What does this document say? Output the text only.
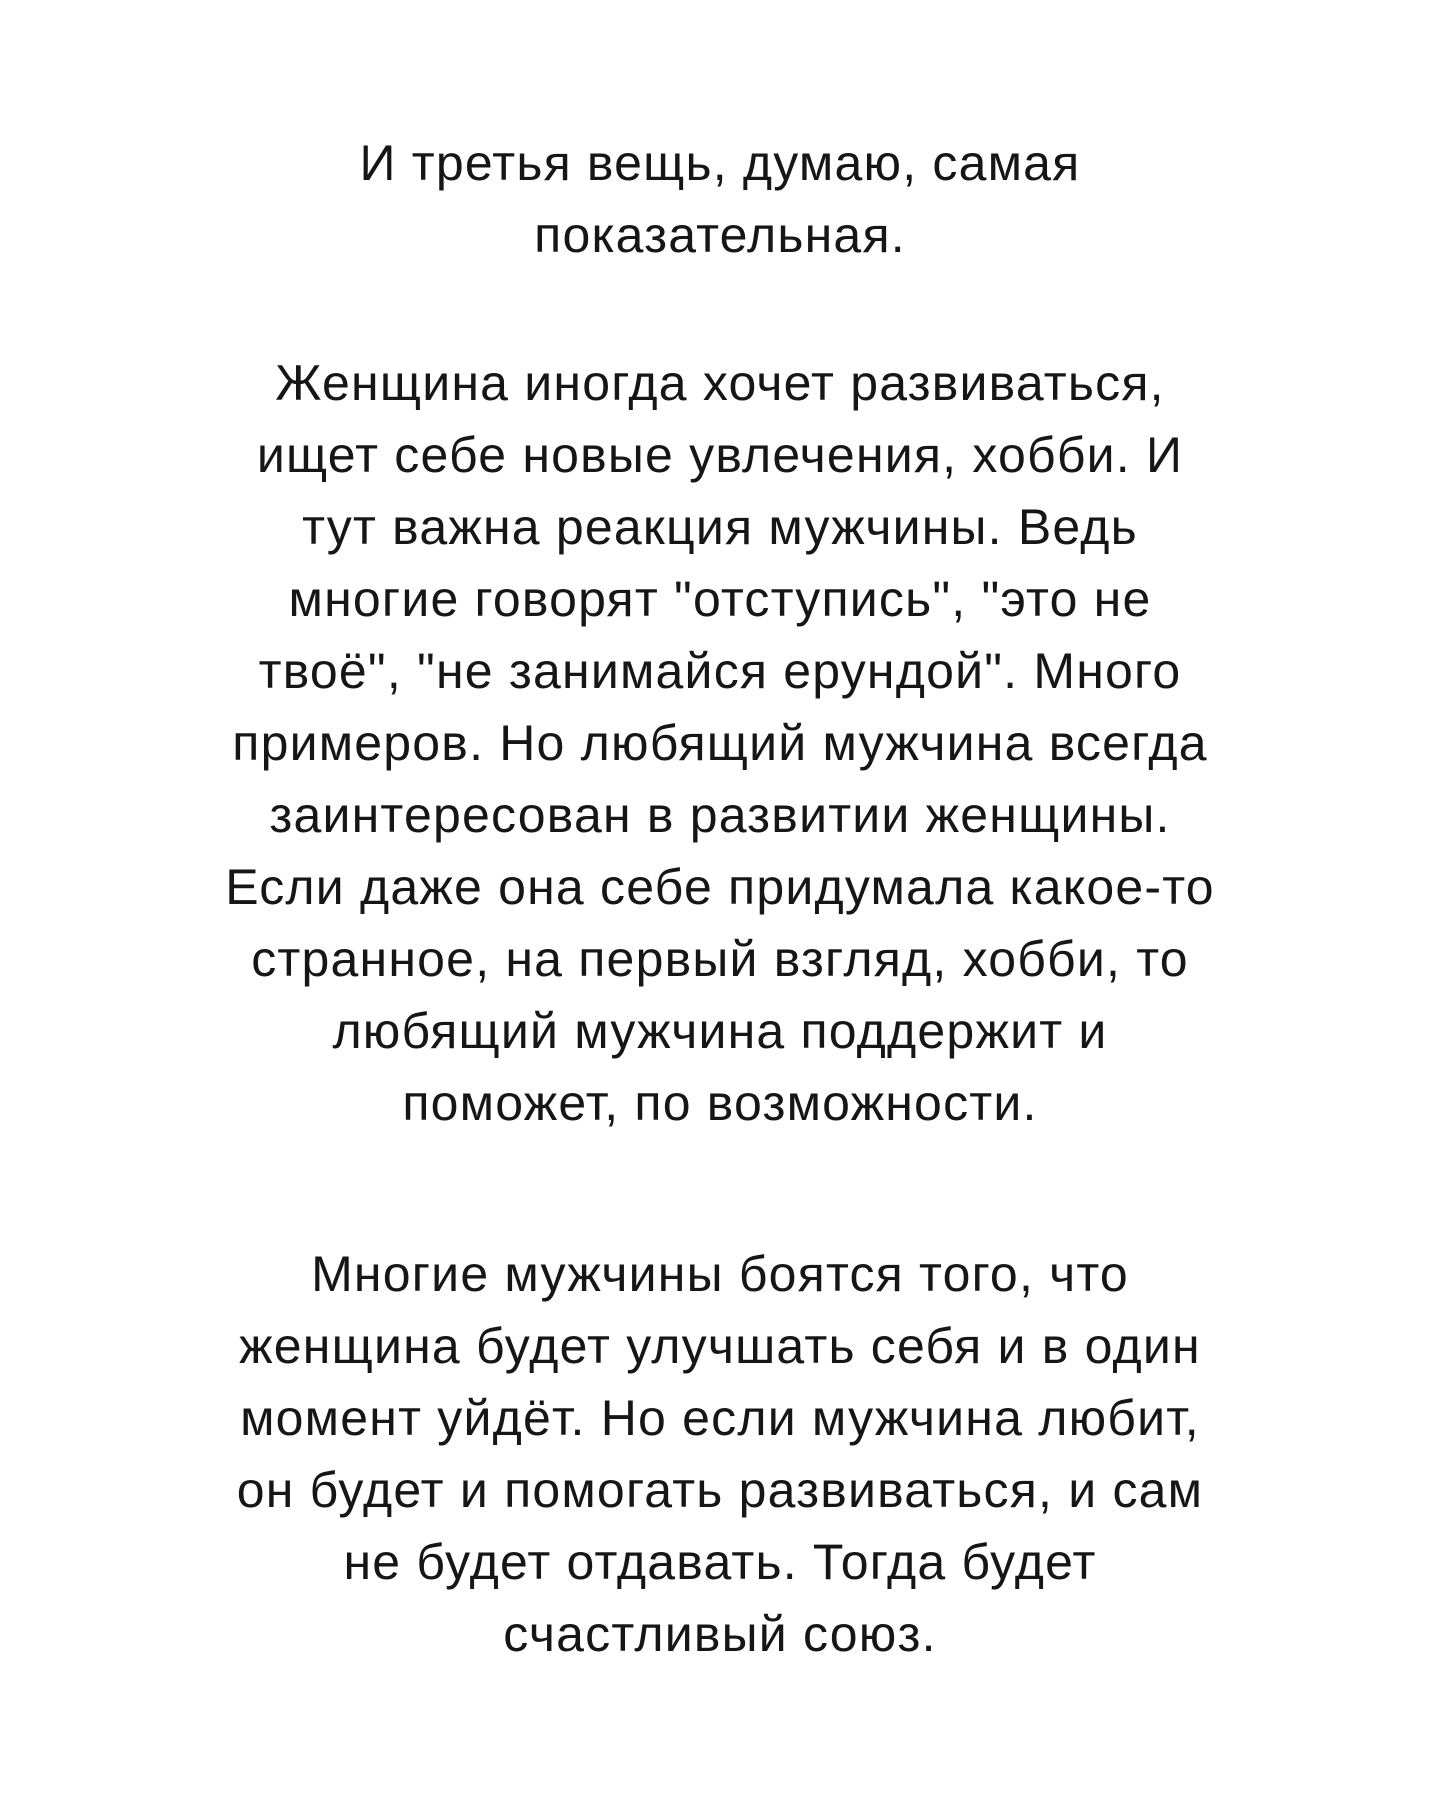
И третья вещь, думаю, самая
показательная.
Женщина иногда хочет развиваться,
ищет себе новые увлечения, хобби. И
тут важна реакция мужчины. Ведь
многие говорят "отступись", "это не
твоё", "не занимайся ерундой". Много
примеров. Но любящий мужчина всегда
заинтересован в развитии женщины.
Если даже она себе придумала какое-то
странное, на первый взгляд, хобби, то
любящий мужчина поддержит и
поможет, по возможности.
Многие мужчины боятся того, что
женщина будет улучшать себя и в один
момент уйдёт. Но если мужчина любит,
он будет и помогать развиваться, и сам
не будет отдавать. Тогда будет
счастливый союз.
